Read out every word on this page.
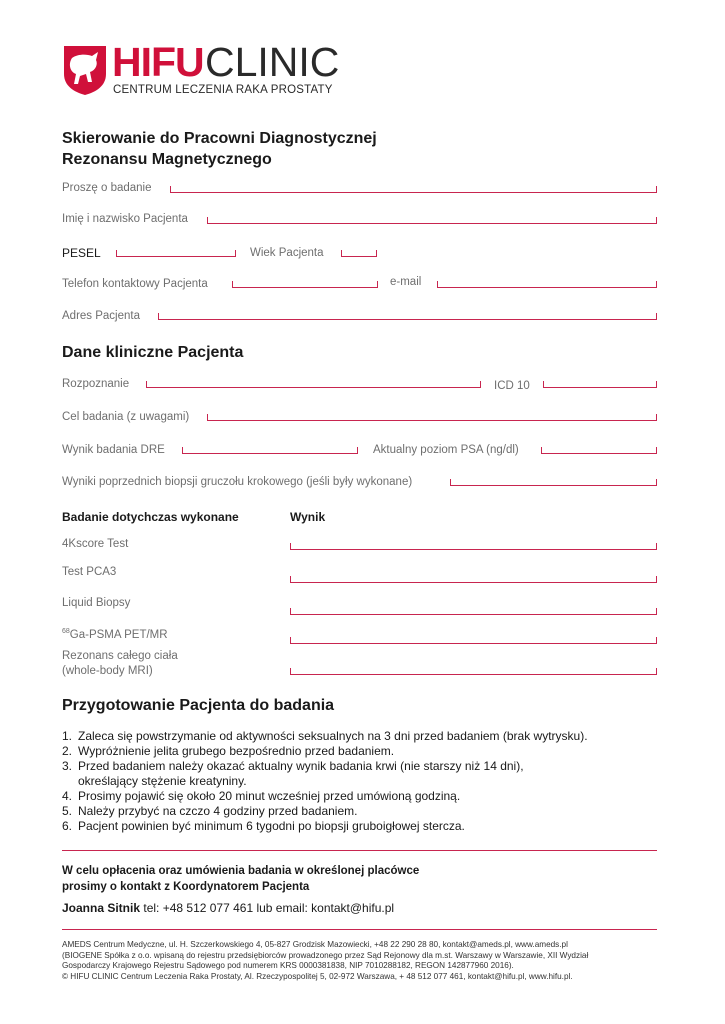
HIFU CLINIC
CENTRUM LECZENIA RAKA PROSTATY
Skierowanie do Pracowni Diagnostycznej
Rezonansu Magnetycznego
Proszę o badanie
Imię i nazwisko Pacjenta
PESEL	Wiek Pacjenta
Telefon kontaktowy Pacjenta	e-mail
Adres Pacjenta
Dane kliniczne Pacjenta
Rozpoznanie	ICD 10
Cel badania (z uwagami)
Wynik badania DRE	Aktualny poziom PSA (ng/dl)
Wyniki poprzednich biopsji gruczołu krokowego (jeśli były wykonane)
Badanie dotychczas wykonane	Wynik
4Kscore Test
Test PCA3
Liquid Biopsy
$^{68}$Ga-PSMA PET/MR
Rezonans całego ciała
(whole-body MRI)
Przygotowanie Pacjenta do badania
1. Zaleca się powstrzymanie od aktywności seksualnych na 3 dni przed badaniem (brak wytrysku).
2. Wypróżnienie jelita grubego bezpośrednio przed badaniem.
3. Przed badaniem należy okazać aktualny wynik badania krwi (nie starszy niż 14 dni),
określający stężenie kreatyniny.
4. Prosimy pojawić się około 20 minut wcześniej przed umówioną godziną.
5. Należy przybyć na czczo 4 godziny przed badaniem.
6. Pacjent powinien być minimum 6 tygodni po biopsji gruboigłowej stercza.
W celu opłacenia oraz umówienia badania w określonej placówce
prosimy o kontakt z Koordynatorem Pacjenta
Joanna Sitnik tel: +48 512 077 461 lub email: kontakt@hifu.pl
AMEDS Centrum Medyczne, ul. H. Szczerkowskiego 4, 05-827 Grodzisk Mazowiecki, +48 22 290 28 80, kontakt@ameds.pl, www.ameds.pl
(BIOGENE Spółka z o.o. wpisaną do rejestru przedsiębiorców prowadzonego przez Sąd Rejonowy dla m.st. Warszawy w Warszawie, XII Wydział
Gospodarczy Krajowego Rejestru Sądowego pod numerem KRS 0000381838, NIP 7010288182, REGON 142877960 2016).
© HIFU CLINIC Centrum Leczenia Raka Prostaty, Al. Rzeczypospolitej 5, 02-972 Warszawa, + 48 512 077 461, kontakt@hifu.pl, www.hifu.pl.
